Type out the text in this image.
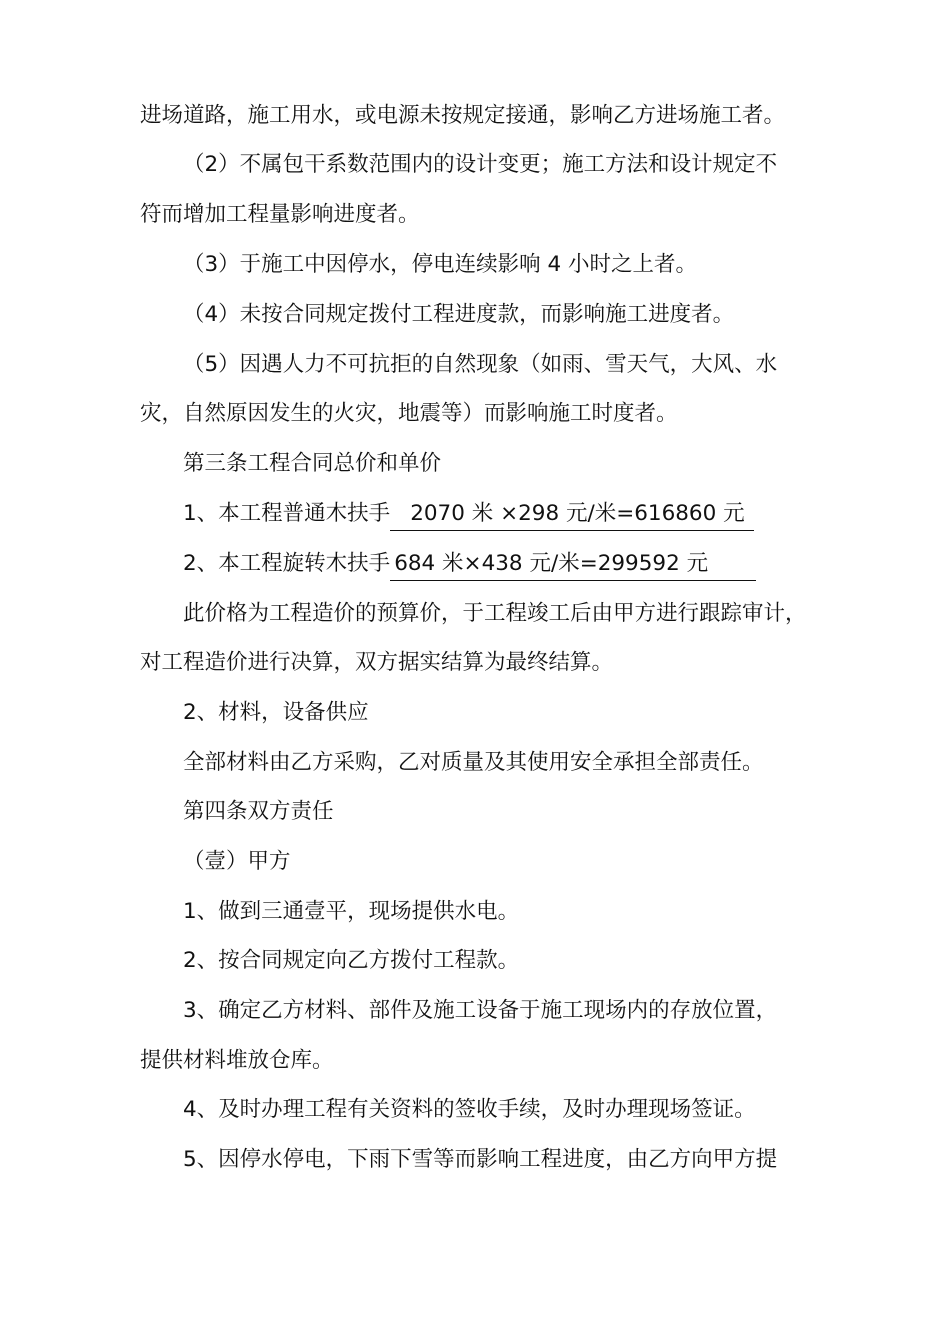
进场道路，施工用水，或电源未按规定接通，影响乙方进场施工者。
（2）不属包干系数范围内的设计变更；施工方法和设计规定不
符而增加工程量影响进度者。
（3）于施工中因停水，停电连续影响 4 小时之上者。
（4）未按合同规定拨付工程进度款，而影响施工进度者。
（5）因遇人力不可抗拒的自然现象（如雨、雪天气，大风、水
灾，自然原因发生的火灾，地震等）而影响施工时度者。
第三条工程合同总价和单价
1、本工程普通木扶手 2070 米 ×298 元/米=616860 元
2、本工程旋转木扶手 684 米×438 元/米=299592 元
此价格为工程造价的预算价，于工程竣工后由甲方进行跟踪审计，
对工程造价进行决算，双方据实结算为最终结算。
2、材料，设备供应
全部材料由乙方采购，乙对质量及其使用安全承担全部责任。
第四条双方责任
（壹）甲方
1、做到三通壹平，现场提供水电。
2、按合同规定向乙方拨付工程款。
3、确定乙方材料、部件及施工设备于施工现场内的存放位置，
提供材料堆放仓库。
4、及时办理工程有关资料的签收手续，及时办理现场签证。
5、因停水停电，下雨下雪等而影响工程进度，由乙方向甲方提
